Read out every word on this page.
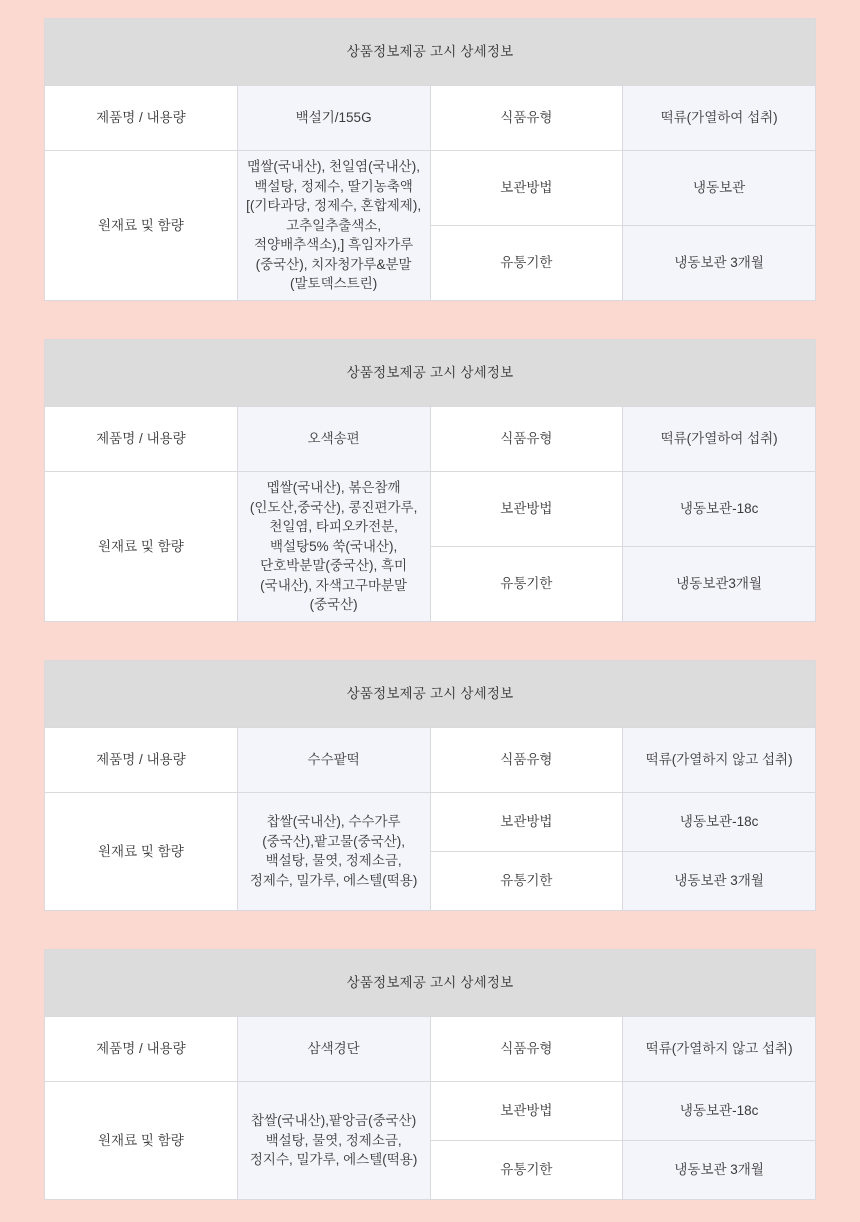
상품정보제공 고시 상세정보			
제품명 / 내용량	백설기/155G	식품유형	떡류(가열하여 섭취)
원재료 및 함량	맵쌀(국내산), 천일염(국내산), 백설탕, 정제수, 딸기농축액[(기타과당, 정제수, 혼합제제), 고추일추출색소, 적양배추색소),] 흑임자가루(중국산), 치자청가루&분말(말토덱스트린)	보관방법	냉동보관
		유통기한	냉동보관 3개월
상품정보제공 고시 상세정보			
제품명 / 내용량	오색송편	식품유형	떡류(가열하여 섭취)
원재료 및 함량	멥쌀(국내산), 볶은참깨(인도산,중국산), 콩진편가루, 천일염, 타피오카전분, 백설탕5% 쑥(국내산), 단호박분말(중국산), 흑미(국내산), 자색고구마분말(중국산)	보관방법	냉동보관-18c
		유통기한	냉동보관3개월
상품정보제공 고시 상세정보			
제품명 / 내용량	수수팥떡	식품유형	떡류(가열하지 않고 섭취)
원재료 및 함량	찹쌀(국내산), 수수가루(중국산),팥고물(중국산),백설탕, 물엿, 정제소금, 정제수, 밀가루, 에스텔(떡용)	보관방법	냉동보관-18c
		유통기한	냉동보관 3개월
상품정보제공 고시 상세정보			
제품명 / 내용량	삼색경단	식품유형	떡류(가열하지 않고 섭취)
원재료 및 함량	찹쌀(국내산),팥앙금(중국산) 백설탕, 물엿, 정제소금, 정지수, 밀가루, 에스텔(떡용)	보관방법	냉동보관-18c
		유통기한	냉동보관 3개월
